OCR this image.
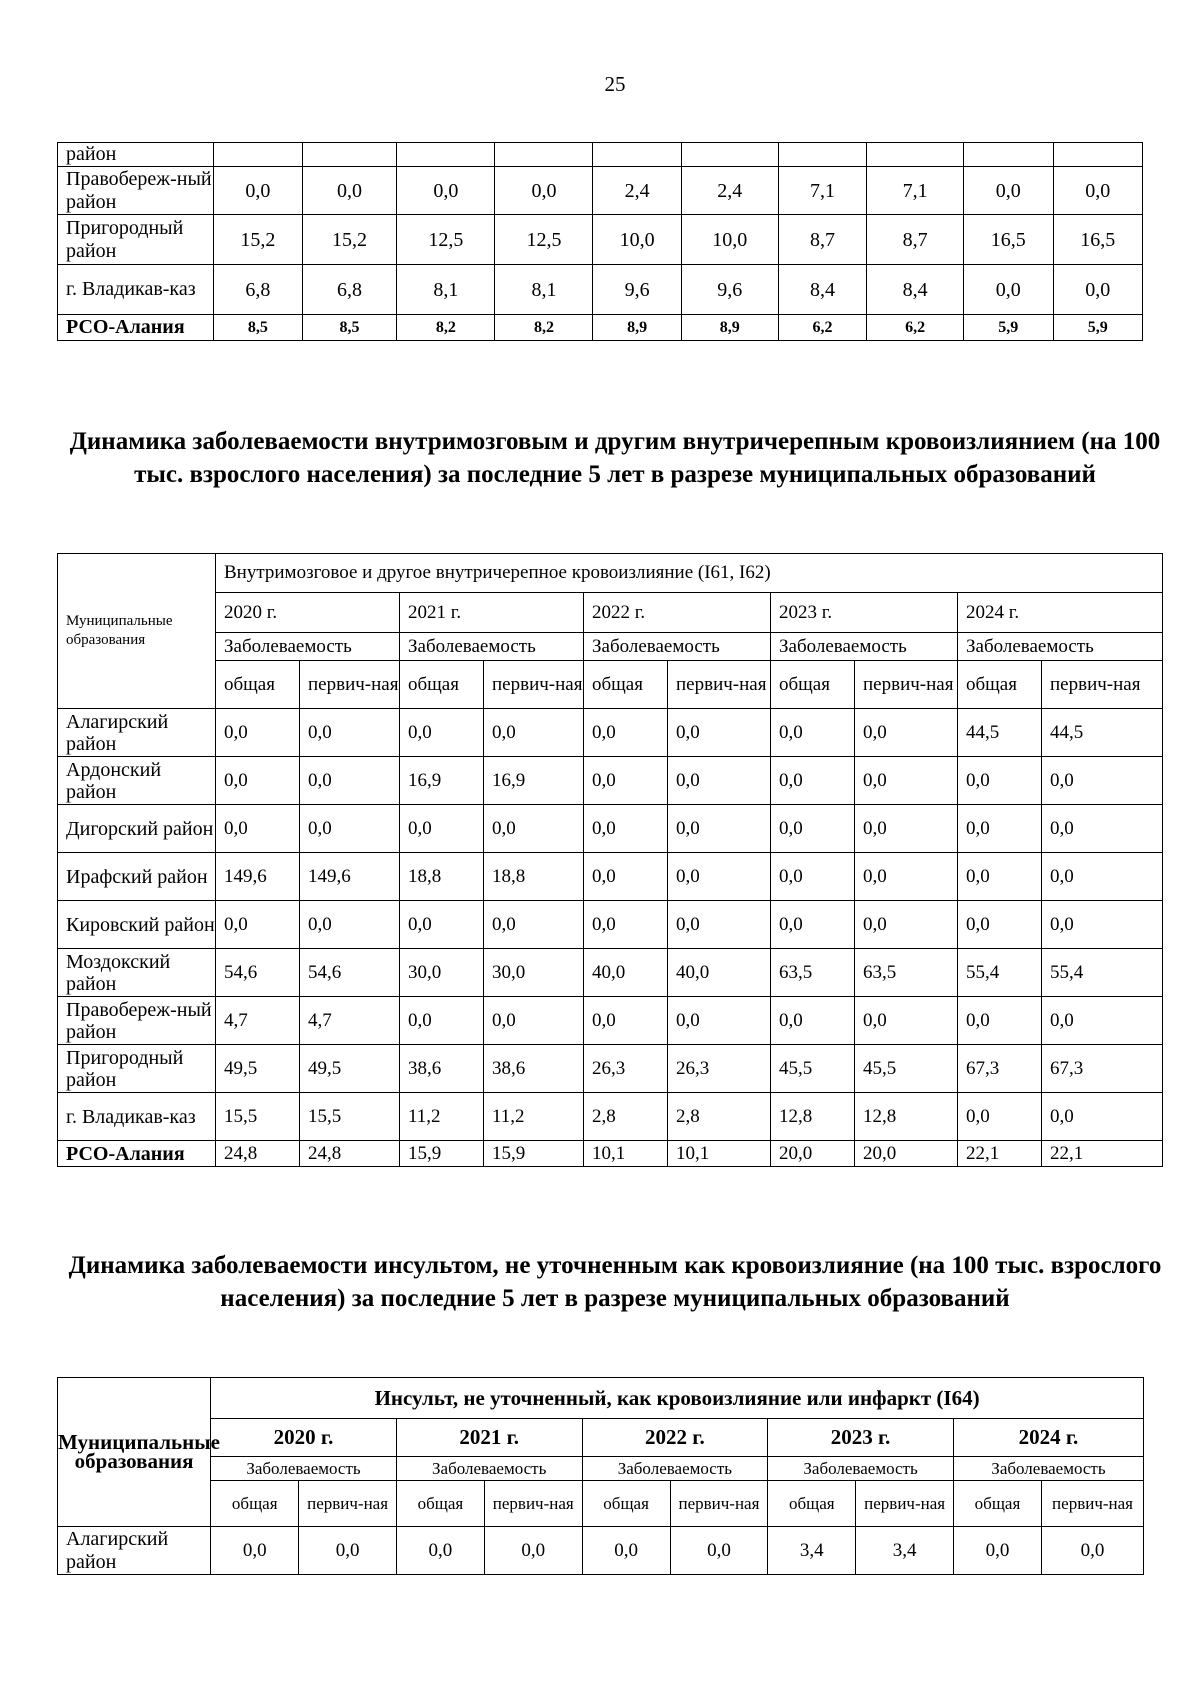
25
район										
Правобереж-ный район	0,0	0,0	0,0	0,0	2,4	2,4	7,1	7,1	0,0	0,0
Пригородный район	15,2	15,2	12,5	12,5	10,0	10,0	8,7	8,7	16,5	16,5
г. Владикав-каз	6,8	6,8	8,1	8,1	9,6	9,6	8,4	8,4	0,0	0,0
РСО-Алания	8,5	8,5	8,2	8,2	8,9	8,9	6,2	6,2	5,9	5,9
Динамика заболеваемости внутримозговым и другим внутричерепным кровоизлиянием (на 100 тыс. взрослого населения) за последние 5 лет в разрезе муниципальных образований
Муниципальные образования	Внутримозговое и другое внутричерепное кровоизлияние (I61, I62)									
	2020 г.		2021 г.		2022 г.		2023 г.		2024 г.	
	Заболеваемость		Заболеваемость		Заболеваемость		Заболеваемость		Заболеваемость	
	общая	первич-ная	общая	первич-ная	общая	первич-ная	общая	первич-ная	общая	первич-ная
Алагирский район	0,0	0,0	0,0	0,0	0,0	0,0	0,0	0,0	44,5	44,5
Ардонский район	0,0	0,0	16,9	16,9	0,0	0,0	0,0	0,0	0,0	0,0
Дигорский район	0,0	0,0	0,0	0,0	0,0	0,0	0,0	0,0	0,0	0,0
Ирафский район	149,6	149,6	18,8	18,8	0,0	0,0	0,0	0,0	0,0	0,0
Кировский район	0,0	0,0	0,0	0,0	0,0	0,0	0,0	0,0	0,0	0,0
Моздокский район	54,6	54,6	30,0	30,0	40,0	40,0	63,5	63,5	55,4	55,4
Правобереж-ный район	4,7	4,7	0,0	0,0	0,0	0,0	0,0	0,0	0,0	0,0
Пригородный район	49,5	49,5	38,6	38,6	26,3	26,3	45,5	45,5	67,3	67,3
г. Владикав-каз	15,5	15,5	11,2	11,2	2,8	2,8	12,8	12,8	0,0	0,0
РСО-Алания	24,8	24,8	15,9	15,9	10,1	10,1	20,0	20,0	22,1	22,1
Динамика заболеваемости инсультом, не уточненным как кровоизлияние (на 100 тыс. взрослого населения) за последние 5 лет в разрезе муниципальных образований
Муниципальные образования	Инсульт, не уточненный, как кровоизлияние или инфаркт (I64)									
	2020 г.		2021 г.		2022 г.		2023 г.		2024 г.	
	Заболеваемость		Заболеваемость		Заболеваемость		Заболеваемость		Заболеваемость	
	общая	первич-ная	общая	первич-ная	общая	первич-ная	общая	первич-ная	общая	первич-ная
Алагирский район	0,0	0,0	0,0	0,0	0,0	0,0	3,4	3,4	0,0	0,0
